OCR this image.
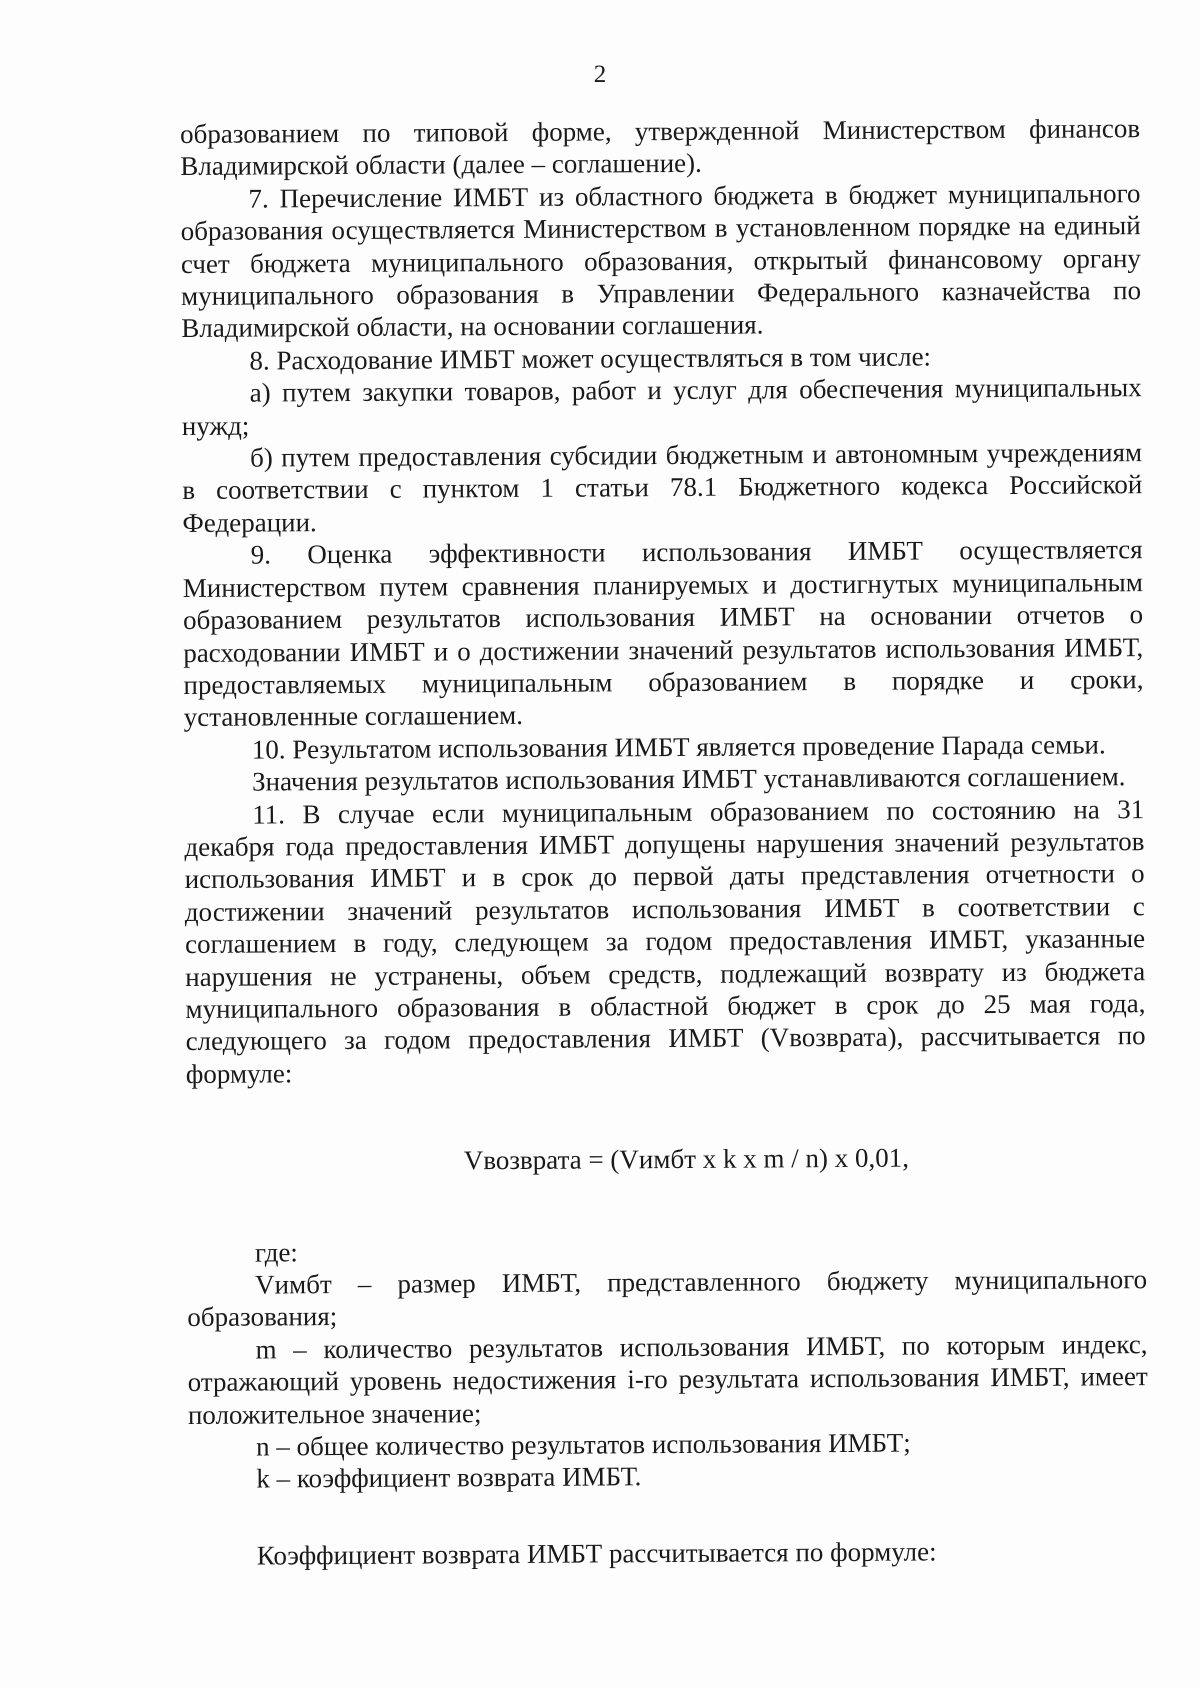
2

образованием по типовой форме, утвержденной Министерством финансов Владимирской области (далее – соглашение).

7. Перечисление ИМБТ из областного бюджета в бюджет муниципального образования осуществляется Министерством в установленном порядке на единый счет бюджета муниципального образования, открытый финансовому органу муниципального образования в Управлении Федерального казначейства по Владимирской области, на основании соглашения.

8. Расходование ИМБТ может осуществляться в том числе:

а) путем закупки товаров, работ и услуг для обеспечения муниципальных нужд;

б) путем предоставления субсидии бюджетным и автономным учреждениям в соответствии с пунктом 1 статьи 78.1 Бюджетного кодекса Российской Федерации.

9. Оценка эффективности использования ИМБТ осуществляется Министерством путем сравнения планируемых и достигнутых муниципальным образованием результатов использования ИМБТ на основании отчетов о расходовании ИМБТ и о достижении значений результатов использования ИМБТ, предоставляемых муниципальным образованием в порядке и сроки, установленные соглашением.

10. Результатом использования ИМБТ является проведение Парада семьи.

Значения результатов использования ИМБТ устанавливаются соглашением.

11. В случае если муниципальным образованием по состоянию на 31 декабря года предоставления ИМБТ допущены нарушения значений результатов использования ИМБТ и в срок до первой даты представления отчетности о достижении значений результатов использования ИМБТ в соответствии с соглашением в году, следующем за годом предоставления ИМБТ, указанные нарушения не устранены, объем средств, подлежащий возврату из бюджета муниципального образования в областной бюджет в срок до 25 мая года, следующего за годом предоставления ИМБТ (Vвозврата), рассчитывается по формуле:

Vвозврата = (Vимбт x k x m / n) x 0,01,

где:

Vимбт – размер ИМБТ, представленного бюджету муниципального образования;

m – количество результатов использования ИМБТ, по которым индекс, отражающий уровень недостижения i-го результата использования ИМБТ, имеет положительное значение;

n – общее количество результатов использования ИМБТ;

k – коэффициент возврата ИМБТ.

Коэффициент возврата ИМБТ рассчитывается по формуле:
